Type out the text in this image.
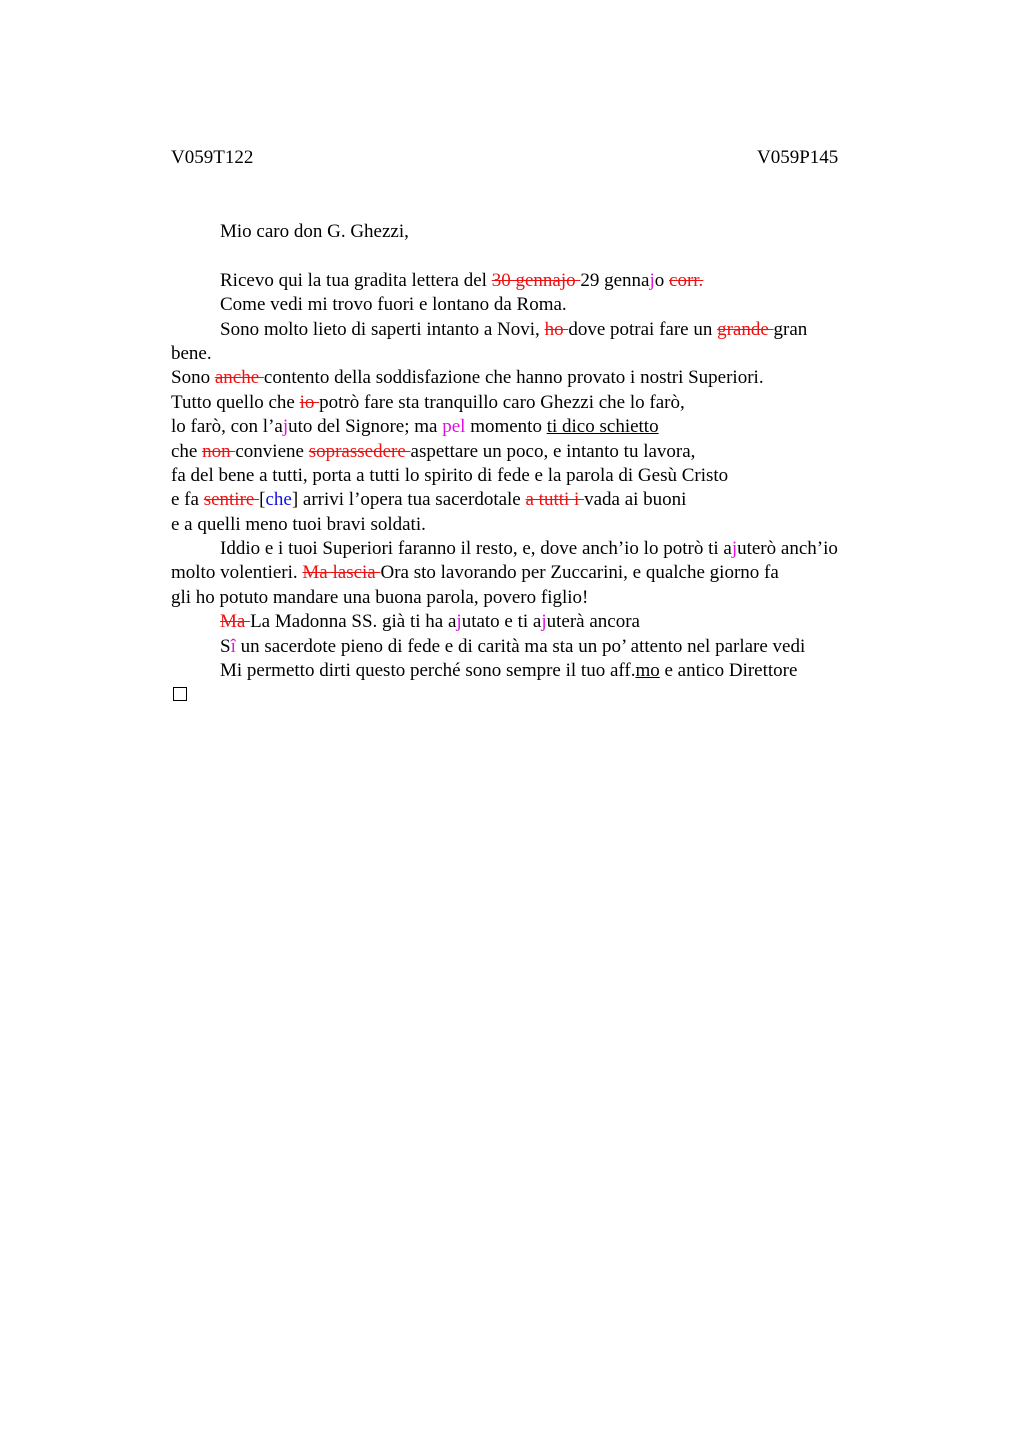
V059T122	V059P145
Mio caro don G. Ghezzi,
Ricevo qui la tua gradita lettera del 30 gennajo 29 gennajo corr.
Come vedi mi trovo fuori e lontano da Roma.
Sono molto lieto di saperti intanto a Novi, ho dove potrai fare un grande gran
bene.
Sono anche contento della soddisfazione che hanno provato i nostri Superiori.
Tutto quello che io potrò fare sta tranquillo caro Ghezzi che lo farò,
lo farò, con l’ajuto del Signore; ma pel momento ti dico schietto
che non conviene soprassedere aspettare un poco, e intanto tu lavora,
fa del bene a tutti, porta a tutti lo spirito di fede e la parola di Gesù Cristo
e fa sentire [che] arrivi l’opera tua sacerdotale a tutti i vada ai buoni
e a quelli meno tuoi bravi soldati.
Iddio e i tuoi Superiori faranno il resto, e, dove anch’io lo potrò ti ajuterò anch’io
molto volentieri. Ma lascia Ora sto lavorando per Zuccarini, e qualche giorno fa
gli ho potuto mandare una buona parola, povero figlio!
Ma La Madonna SS. già ti ha ajutato e ti ajuterà ancora
Sî un sacerdote pieno di fede e di carità ma sta un po’ attento nel parlare vedi
Mi permetto dirti questo perché sono sempre il tuo aff.mo e antico Direttore
